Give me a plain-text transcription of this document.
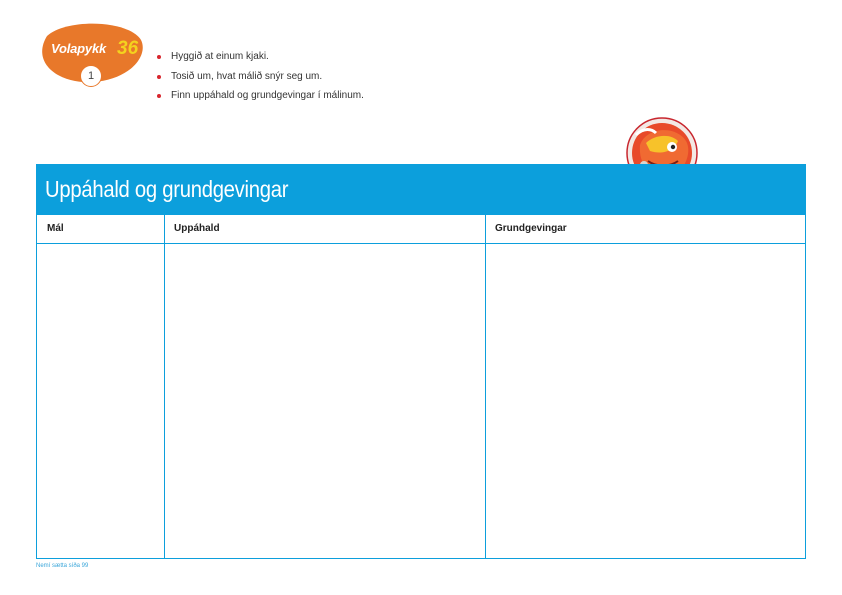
Volapykk 36
1
Hyggið at einum kjaki.
Tosið um, hvat málið snýr seg um.
Finn uppáhald og grundgevingar í málinum.
Uppáhald og grundgevingar
Mál	Uppáhald	Grundgevingar
Nemí sætta síða 99
